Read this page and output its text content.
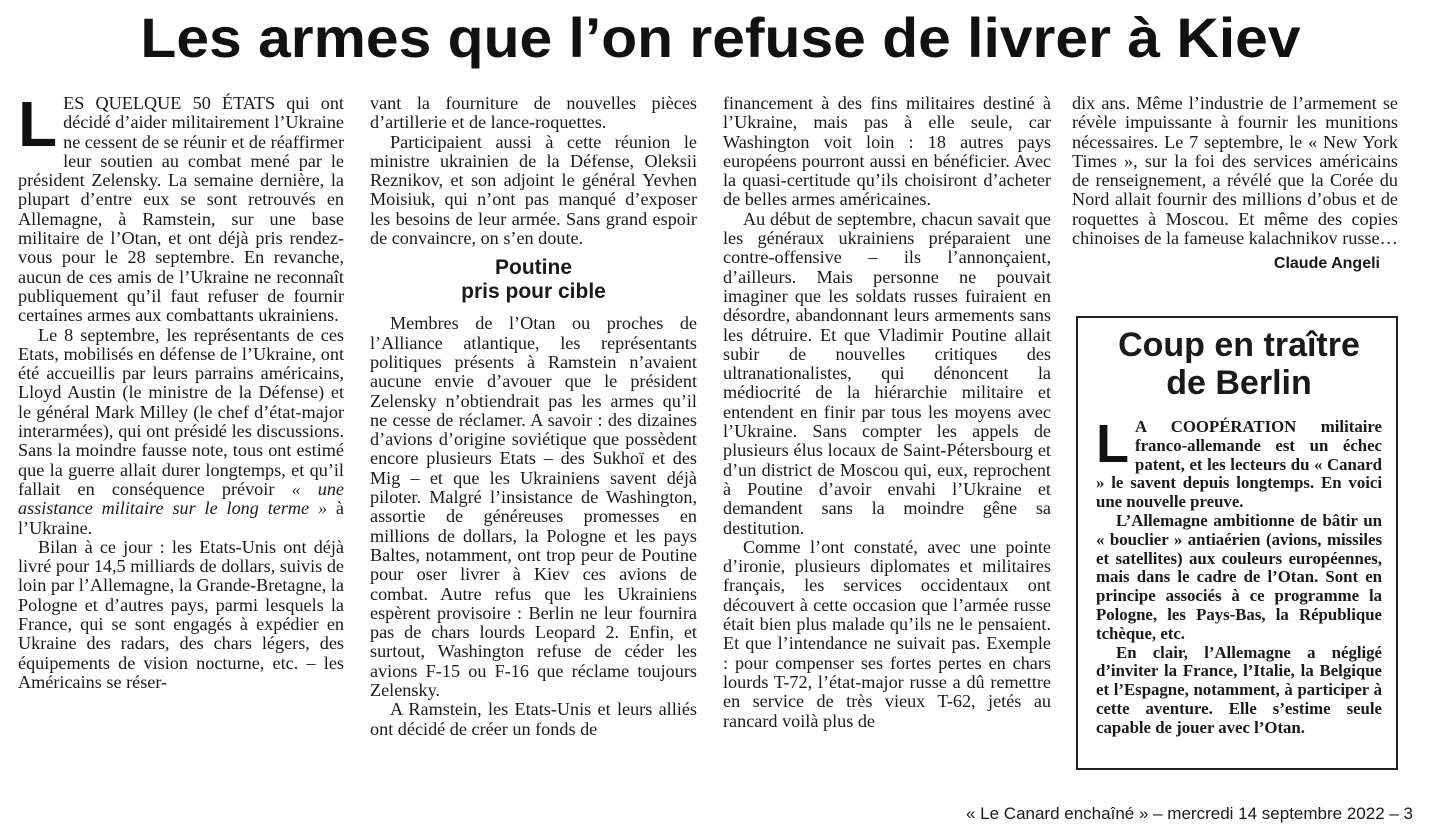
Les armes que l’on refuse de livrer à Kiev

LES QUELQUE 50 ÉTATS qui ont décidé d’aider militairement l’Ukraine ne cessent de se réunir et de réaffirmer leur soutien au combat mené par le président Zelensky. La semaine dernière, la plupart d’entre eux se sont retrouvés en Allemagne, à Ramstein, sur une base militaire de l’Otan, et ont déjà pris rendez-vous pour le 28 septembre. En revanche, aucun de ces amis de l’Ukraine ne reconnaît publiquement qu’il faut refuser de fournir certaines armes aux combattants ukrainiens.

Le 8 septembre, les représentants de ces Etats, mobilisés en défense de l’Ukraine, ont été accueillis par leurs parrains américains, Lloyd Austin (le ministre de la Défense) et le général Mark Milley (le chef d’état-major interarmées), qui ont présidé les discussions. Sans la moindre fausse note, tous ont estimé que la guerre allait durer longtemps, et qu’il fallait en conséquence prévoir « une assistance militaire sur le long terme » à l’Ukraine.

Bilan à ce jour : les Etats-Unis ont déjà livré pour 14,5 milliards de dollars, suivis de loin par l’Allemagne, la Grande-Bretagne, la Pologne et d’autres pays, parmi lesquels la France, qui se sont engagés à expédier en Ukraine des radars, des chars légers, des équipements de vision nocturne, etc. – les Américains se réser-

vant la fourniture de nouvelles pièces d’artillerie et de lance-roquettes.

Participaient aussi à cette réunion le ministre ukrainien de la Défense, Oleksii Reznikov, et son adjoint le général Yevhen Moisiuk, qui n’ont pas manqué d’exposer les besoins de leur armée. Sans grand espoir de convaincre, on s’en doute.

Poutine
pris pour cible

Membres de l’Otan ou proches de l’Alliance atlantique, les représentants politiques présents à Ramstein n’avaient aucune envie d’avouer que le président Zelensky n’obtiendrait pas les armes qu’il ne cesse de réclamer. A savoir : des dizaines d’avions d’origine soviétique que possèdent encore plusieurs Etats – des Sukhoï et des Mig – et que les Ukrainiens savent déjà piloter. Malgré l’insistance de Washington, assortie de généreuses promesses en millions de dollars, la Pologne et les pays Baltes, notamment, ont trop peur de Poutine pour oser livrer à Kiev ces avions de combat. Autre refus que les Ukrainiens espèrent provisoire : Berlin ne leur fournira pas de chars lourds Leopard 2. Enfin, et surtout, Washington refuse de céder les avions F-15 ou F-16 que réclame toujours Zelensky.

A Ramstein, les Etats-Unis et leurs alliés ont décidé de créer un fonds de

financement à des fins militaires destiné à l’Ukraine, mais pas à elle seule, car Washington voit loin : 18 autres pays européens pourront aussi en bénéficier. Avec la quasi-certitude qu’ils choisiront d’acheter de belles armes américaines.

Au début de septembre, chacun savait que les généraux ukrainiens préparaient une contre-offensive – ils l’annonçaient, d’ailleurs. Mais personne ne pouvait imaginer que les soldats russes fuiraient en désordre, abandonnant leurs armements sans les détruire. Et que Vladimir Poutine allait subir de nouvelles critiques des ultranationalistes, qui dénoncent la médiocrité de la hiérarchie militaire et entendent en finir par tous les moyens avec l’Ukraine. Sans compter les appels de plusieurs élus locaux de Saint-Pétersbourg et d’un district de Moscou qui, eux, reprochent à Poutine d’avoir envahi l’Ukraine et demandent sans la moindre gêne sa destitution.

Comme l’ont constaté, avec une pointe d’ironie, plusieurs diplomates et militaires français, les services occidentaux ont découvert à cette occasion que l’armée russe était bien plus malade qu’ils ne le pensaient. Et que l’intendance ne suivait pas. Exemple : pour compenser ses fortes pertes en chars lourds T-72, l’état-major russe a dû remettre en service de très vieux T-62, jetés au rancard voilà plus de

dix ans. Même l’industrie de l’armement se révèle impuissante à fournir les munitions nécessaires. Le 7 septembre, le « New York Times », sur la foi des services américains de renseignement, a révélé que la Corée du Nord allait fournir des millions d’obus et de roquettes à Moscou. Et même des copies chinoises de la fameuse kalachnikov russe…

Claude Angeli
Coup en traître
de Berlin

L A COOPÉRATION militaire franco-allemande est un échec patent, et les lecteurs du « Canard » le savent depuis longtemps. En voici une nouvelle preuve.

L’Allemagne ambitionne de bâtir un « bouclier » antiaérien (avions, missiles et satellites) aux couleurs européennes, mais dans le cadre de l’Otan. Sont en principe associés à ce programme la Pologne, les Pays-Bas, la République tchèque, etc.

En clair, l’Allemagne a négligé d’inviter la France, l’Italie, la Belgique et l’Espagne, notamment, à participer à cette aventure. Elle s’estime seule capable de jouer avec l’Otan.

« Le Canard enchaîné » – mercredi 14 septembre 2022 – 3
